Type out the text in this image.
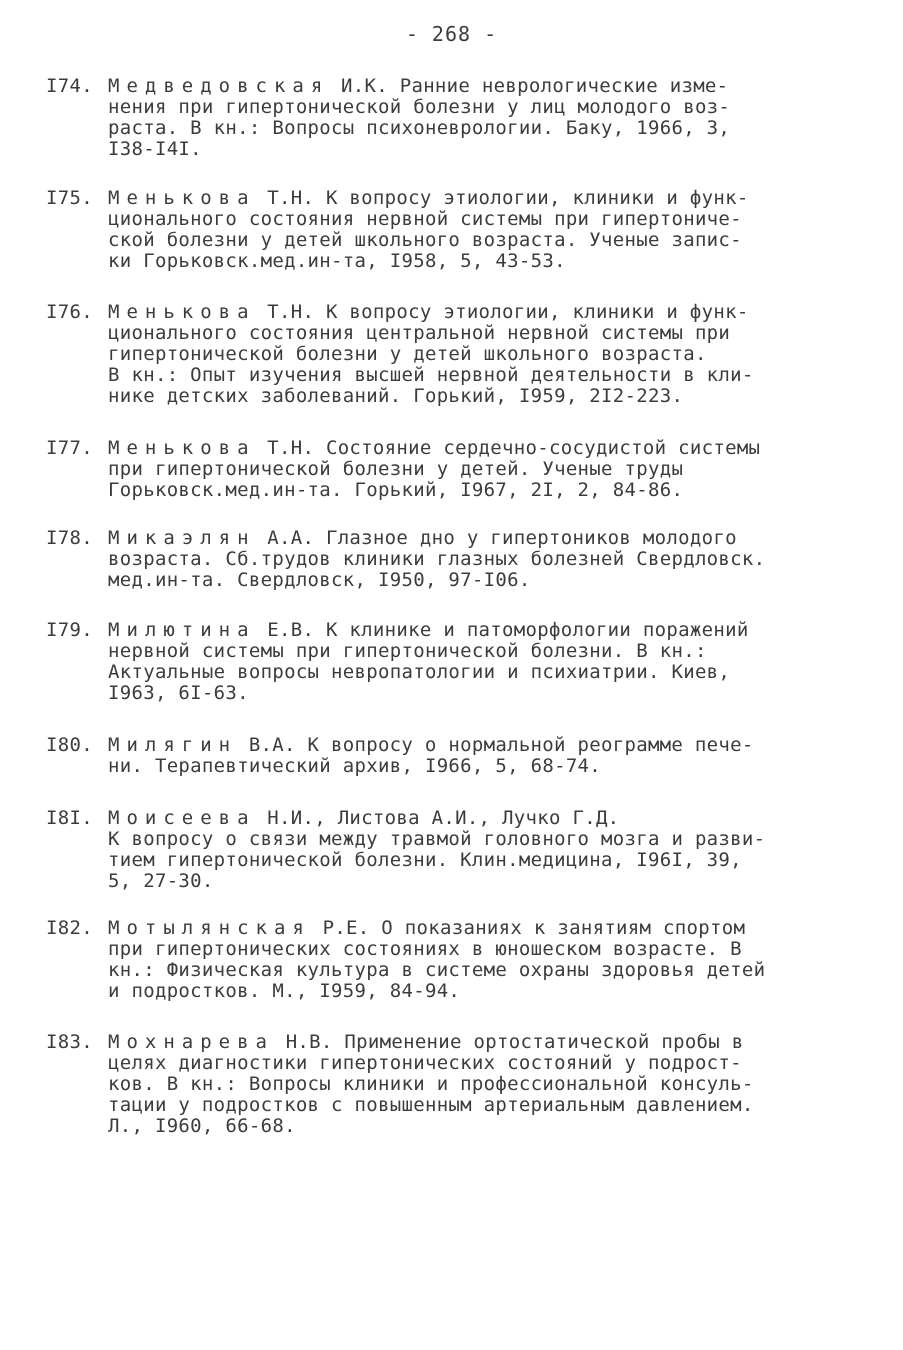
- 268 -
I74. Медведовская И.К. Ранние неврологические изме-
нения при гипертонической болезни у лиц молодого воз-
раста. В кн.: Вопросы психоневрологии. Баку, 1966, 3,
I38-I4I.
I75. Менькова Т.Н. К вопросу этиологии, клиники и функ-
ционального состояния нервной системы при гипертониче-
ской болезни у детей школьного возраста. Ученые запис-
ки Горьковск.мед.ин-та, I958, 5, 43-53.
I76. Менькова Т.Н. К вопросу этиологии, клиники и функ-
ционального состояния центральной нервной системы при
гипертонической болезни у детей школьного возраста.
В кн.: Опыт изучения высшей нервной деятельности в кли-
нике детских заболеваний. Горький, I959, 2I2-223.
I77. Менькова Т.Н. Состояние сердечно-сосудистой системы
при гипертонической болезни у детей. Ученые труды
Горьковск.мед.ин-та. Горький, I967, 2I, 2, 84-86.
I78. Микаэлян А.А. Глазное дно у гипертоников молодого
возраста. Сб.трудов клиники глазных болезней Свердловск.
мед.ин-та. Свердловск, I950, 97-I06.
I79. Милютина Е.В. К клинике и патоморфологии поражений
нервной системы при гипертонической болезни. В кн.:
Актуальные вопросы невропатологии и психиатрии. Киев,
I963, 6I-63.
I80. Милягин В.А. К вопросу о нормальной реограмме пече-
ни. Терапевтический архив, I966, 5, 68-74.
I8I. Моисеева Н.И., Листова А.И., Лучко Г.Д.
К вопросу о связи между травмой головного мозга и разви-
тием гипертонической болезни. Клин.медицина, I96I, 39,
5, 27-30.
I82. Мотылянская Р.Е. О показаниях к занятиям спортом
при гипертонических состояниях в юношеском возрасте. В
кн.: Физическая культура в системе охраны здоровья детей
и подростков. М., I959, 84-94.
I83. Мохнарева Н.В. Применение ортостатической пробы в
целях диагностики гипертонических состояний у подрост-
ков. В кн.: Вопросы клиники и профессиональной консуль-
тации у подростков с повышенным артериальным давлением.
Л., I960, 66-68.
